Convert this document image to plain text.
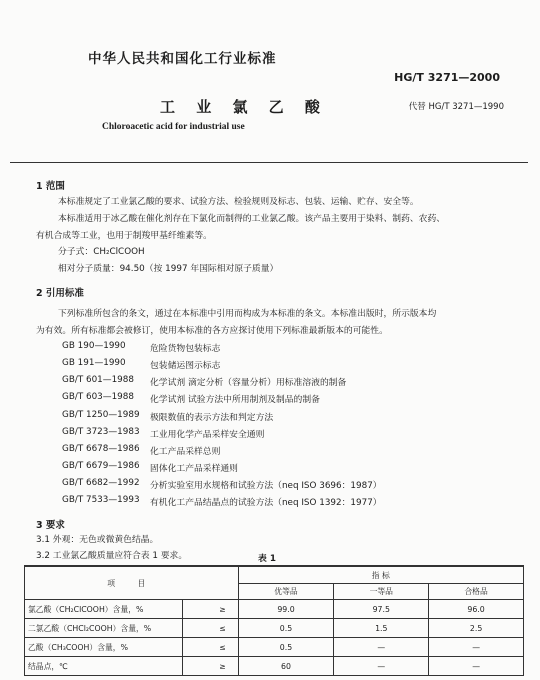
中华人民共和国化工行业标准
HG/T 3271—2000
工 业 氯 乙 酸	代替 HG/T 3271—1990
Chloroacetic acid for industrial use
1 范围
本标准规定了工业氯乙酸的要求、试验方法、检验规则及标志、包装、运输、贮存、安全等。
本标准适用于冰乙酸在催化剂存在下氯化而制得的工业氯乙酸。该产品主要用于染料、制药、农药、
有机合成等工业，也用于制羧甲基纤维素等。
分子式：CH₂ClCOOH
相对分子质量：94.50（按 1997 年国际相对原子质量）
2 引用标准
下列标准所包含的条文，通过在本标准中引用而构成为本标准的条文。本标准出版时，所示版本均
为有效。所有标准都会被修订，使用本标准的各方应探讨使用下列标准最新版本的可能性。
GB 190—1990	危险货物包装标志
GB 191—1990	包装储运图示标志
GB/T 601—1988 化学试剂 滴定分析（容量分析）用标准溶液的制备
GB/T 603—1988 化学试剂 试验方法中所用制剂及制品的制备
GB/T 1250—1989 极限数值的表示方法和判定方法
GB/T 3723—1983 工业用化学产品采样安全通则
GB/T 6678—1986 化工产品采样总则
GB/T 6679—1986 固体化工产品采样通则
GB/T 6682—1992 分析实验室用水规格和试验方法（neq ISO 3696：1987）
GB/T 7533—1993 有机化工产品结晶点的试验方法（neq ISO 1392：1977）
3 要求
3.1 外观：无色或微黄色结晶。
3.2 工业氯乙酸质量应符合表 1 要求。	表 1
项 目		指 标		
		优等品	一等品	合格品
氯乙酸（CH₂ClCOOH）含量，%	≥	99.0	97.5	96.0
二氯乙酸（CHCl₂COOH）含量，%	≤	0.5	1.5	2.5
乙酸（CH₃COOH）含量，%	≤	0.5	—	—
结晶点，℃	≥	60	—	—
